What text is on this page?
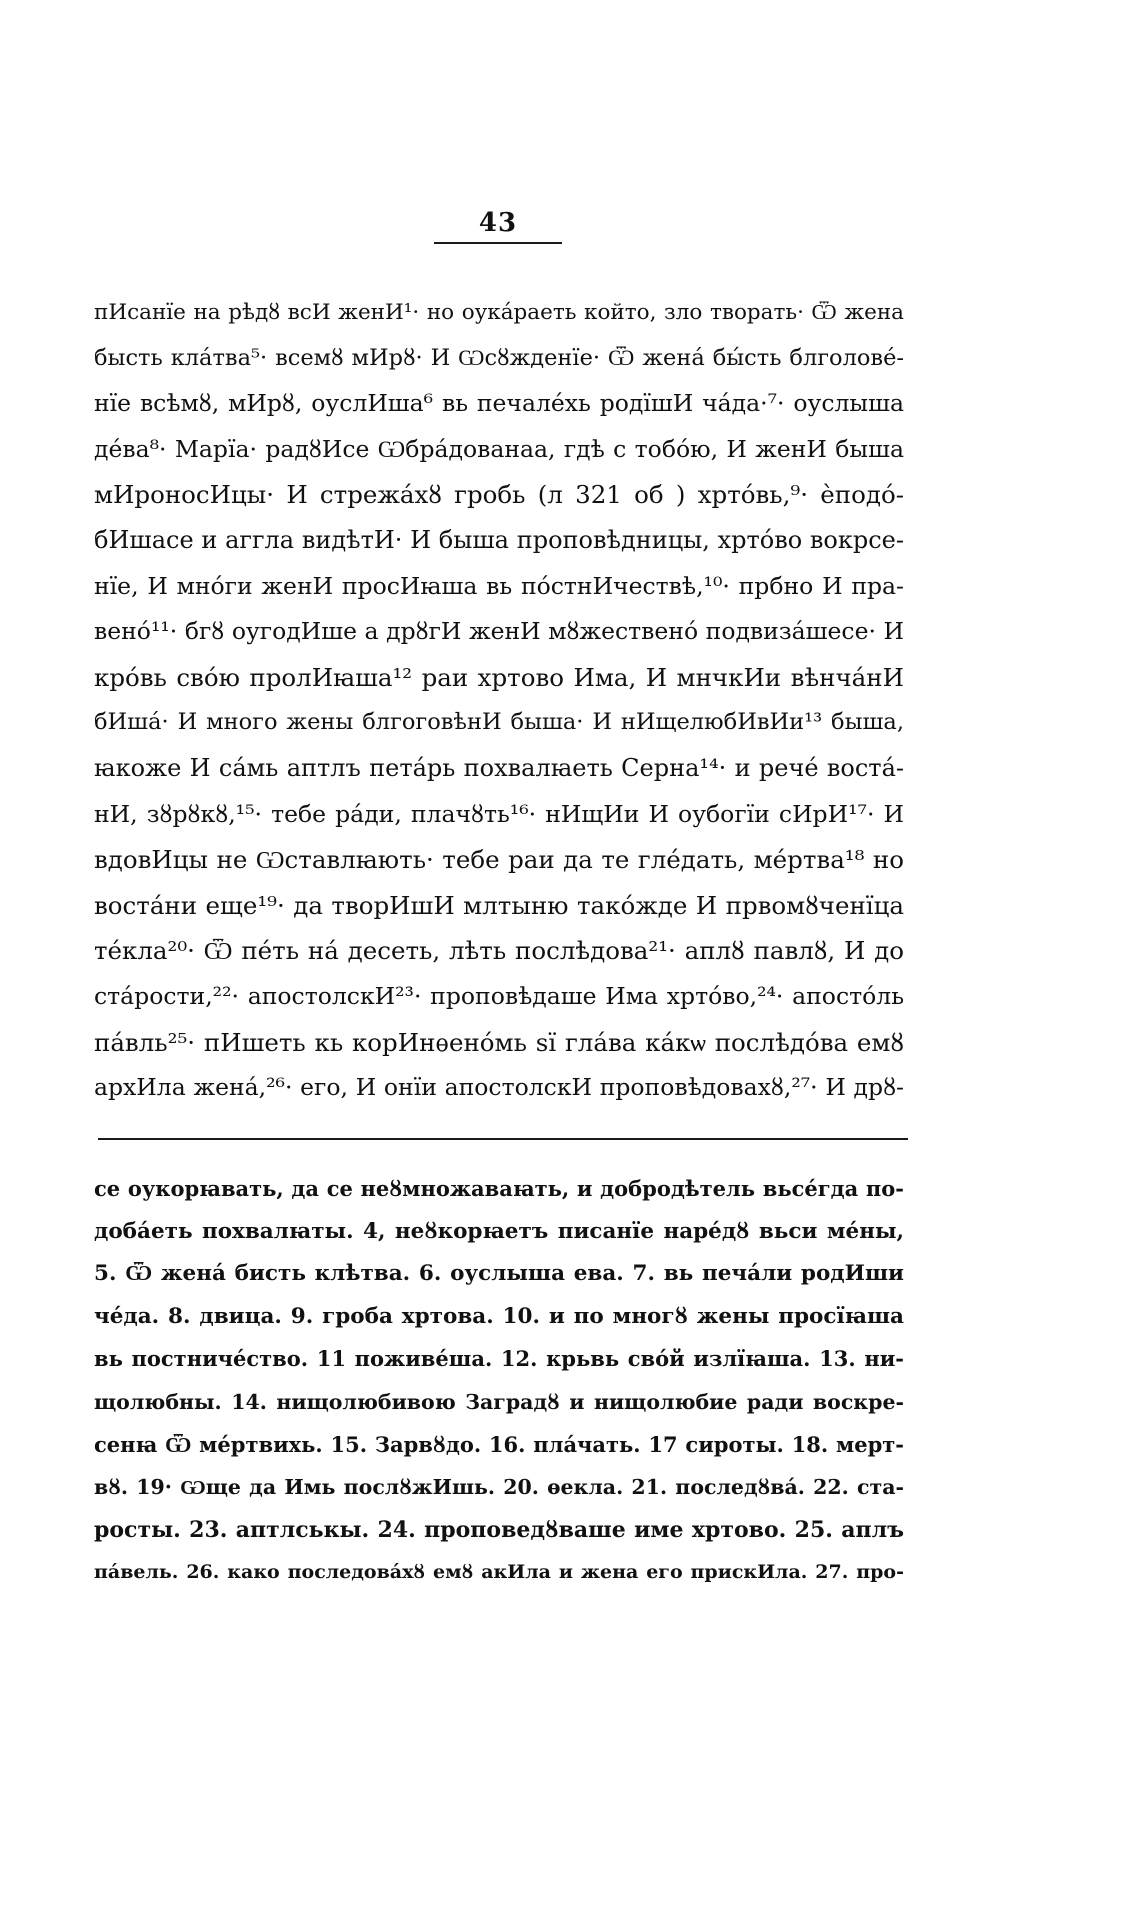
43
пИсанїе на рѣдȣ всИ женИ¹· но оукáраеть който, зло творать· Ѿ жена
бысть клáтва⁵· всемȣ мИрȣ· И Ѡсȣжденїе· Ѿ женá бы́сть блголовé-
нїе всѣмȣ, мИрȣ, оуслИша⁶ вь печалéхь родїшИ чáда·⁷· оуслыша
дéва⁸· Марїа· радȣИсе Ѡбрáдованаа, гдѣ с тобóю, И женИ быша
мИроносИцы· И стрежáхȣ гробь (л 321 об ) хртóвь,⁹· ѐподó-
бИшасе и аггла видѣтИ· И быша проповѣдницы, хртóво вокрсе-
нїе, И мнóги женИ просИꙗша вь пóстнИчествѣ,¹⁰· прбно И пра-
венó¹¹· бгȣ оугодИше а дрȣгИ женИ мȣжественó подвизáшесе· И
крóвь свóю пролИꙗша¹² раи хртово Има, И мнчкИи вѣнчáнИ
бИшá· И много жены блгоговѣнИ быша· И нИщелюбИвИи¹³ быша,
ꙗкоже И сáмь аптлъ петáрь похвалꙗеть Серна¹⁴· и речé воста́-
нИ, зȣрȣкȣ,¹⁵· тебе рáди, плачȣть¹⁶· нИщИи И оубогїи сИрИ¹⁷· И
вдовИцы не Ѡставлꙗють· тебе раи да те глéдать, мéртва¹⁸ но
востáни еще¹⁹· да творИшИ млтыню такóжде И првомȣченїца
тéкла²⁰· Ѿ пéть нá десеть, лѣть послѣдова²¹· аплȣ павлȣ, И до
стáрости,²²· апостолскИ²³· проповѣдаше Има хртóво,²⁴· апостóль
пáвль²⁵· пИшеть кь корИнѳенóмь ѕї глáва кáкѡ послѣдóва емȣ
архИла женá,²⁶· его, И онїи апостолскИ проповѣдовахȣ,²⁷· И дрȣ-
се оукорꙗвать, да се неȣмножаваꙗть, и добродѣтель вьсéгда по-
добáеть похвалꙗты. 4, неȣкорꙗетъ писанїе нарéдȣ вьси мéны,
5. Ѿ женá бисть клѣтва. 6. оуслыша ева. 7. вь печáли родИши
чéда. 8. двица. 9. гроба хртова. 10. и по многȣ жены просїꙗша
вь постничéство. 11 поживéша. 12. крьвь свóй излїꙗша. 13. ни-
щолюбны. 14. нищолюбивою Заградȣ и нищолюбие ради воскре-
сенꙗ Ѿ мéртвихь. 15. Зарвȣдо. 16. плáчать. 17 сироты. 18. мерт-
вȣ. 19· Ѡще да Имь послȣжИшь. 20. ѳекла. 21. последȣвá. 22. ста-
росты. 23. аптлськы. 24. проповедȣваше име хртово. 25. аплъ
пáвель. 26. како последовáхȣ емȣ акИла и жена его прискИла. 27. про-
